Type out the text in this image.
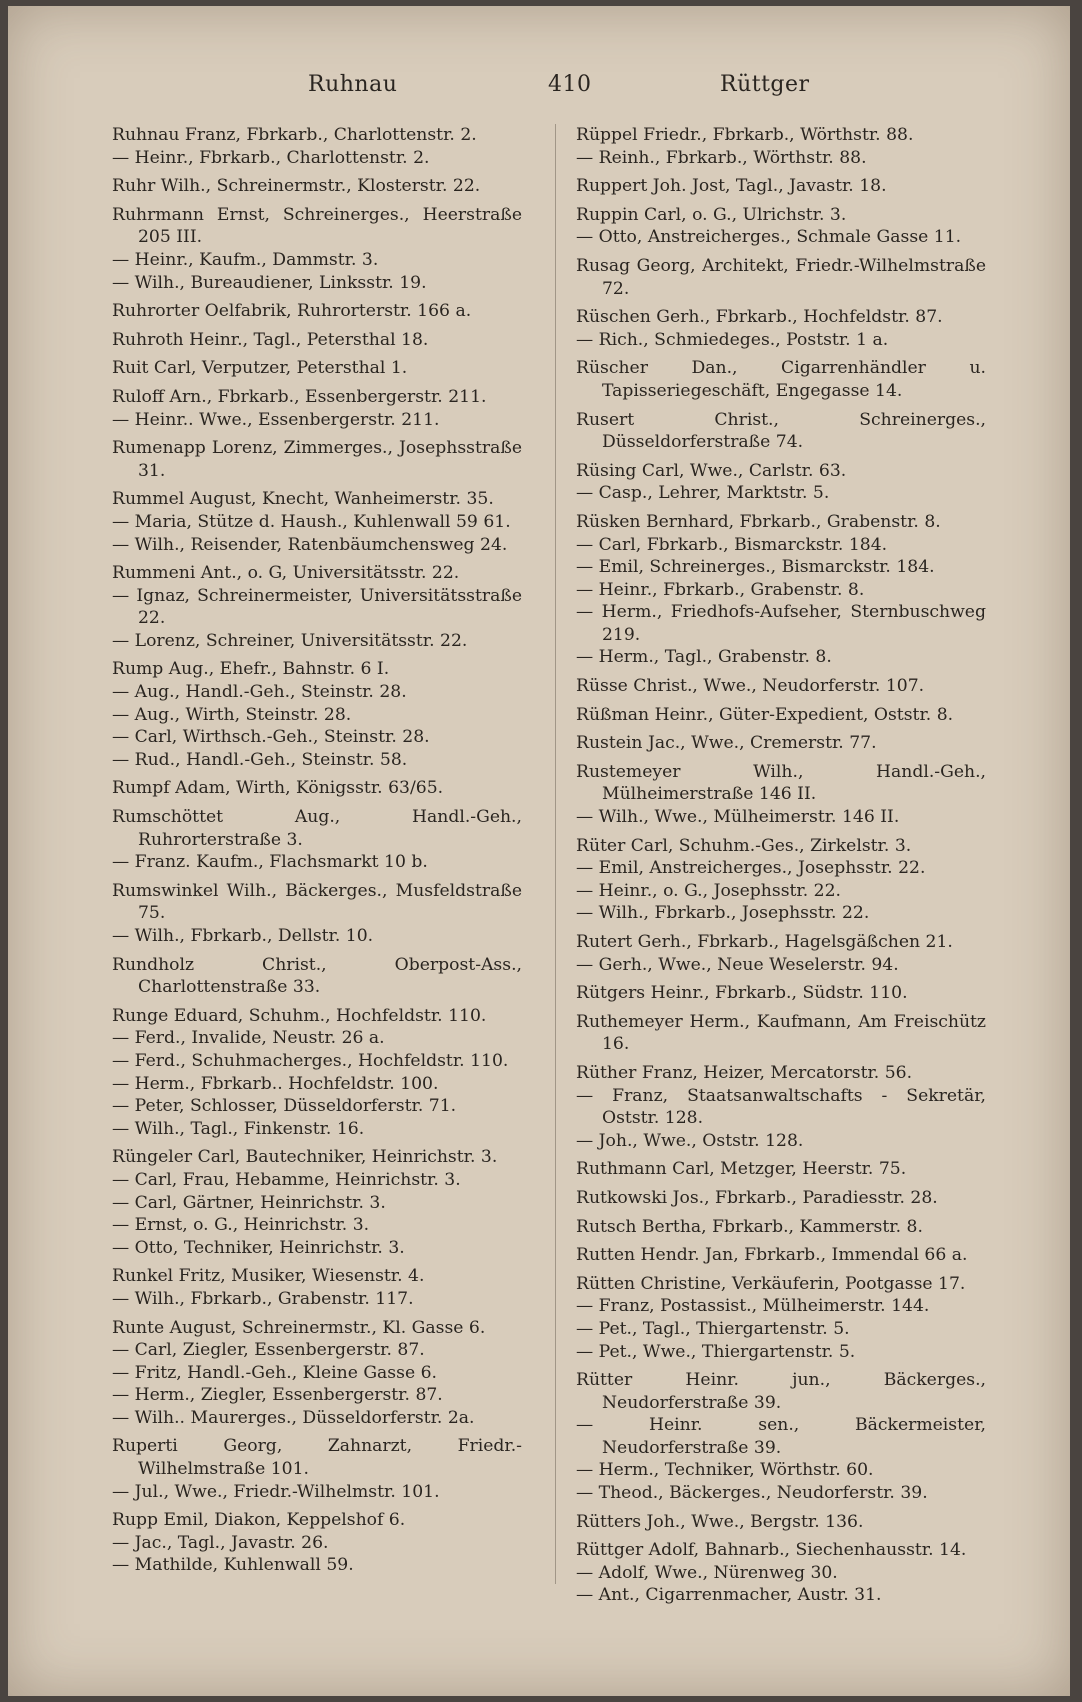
Ruhnau	410	Rüttger
Ruhnau Franz, Fbrkarb., Charlottenstr. 2.
— Heinr., Fbrkarb., Charlottenstr. 2.
Ruhr Wilh., Schreinermstr., Klosterstr. 22.
Ruhrmann Ernst, Schreinerges., Heerstraße 205 III.
— Heinr., Kaufm., Dammstr. 3.
— Wilh., Bureaudiener, Linksstr. 19.
Ruhrorter Oelfabrik, Ruhrorterstr. 166 a.
Ruhroth Heinr., Tagl., Petersthal 18.
Ruit Carl, Verputzer, Petersthal 1.
Ruloff Arn., Fbrkarb., Essenbergerstr. 211.
— Heinr.. Wwe., Essenbergerstr. 211.
Rumenapp Lorenz, Zimmerges., Josephsstraße 31.
Rummel August, Knecht, Wanheimerstr. 35.
— Maria, Stütze d. Haush., Kuhlenwall 59 61.
— Wilh., Reisender, Ratenbäumchensweg 24.
Rummeni Ant., o. G, Universitätsstr. 22.
— Ignaz, Schreinermeister, Universitätsstraße 22.
— Lorenz, Schreiner, Universitätsstr. 22.
Rump Aug., Ehefr., Bahnstr. 6 I.
— Aug., Handl.-Geh., Steinstr. 28.
— Aug., Wirth, Steinstr. 28.
— Carl, Wirthsch.-Geh., Steinstr. 28.
— Rud., Handl.-Geh., Steinstr. 58.
Rumpf Adam, Wirth, Königsstr. 63/65.
Rumschöttet Aug., Handl.-Geh., Ruhrorterstraße 3.
— Franz. Kaufm., Flachsmarkt 10 b.
Rumswinkel Wilh., Bäckerges., Musfeldstraße 75.
— Wilh., Fbrkarb., Dellstr. 10.
Rundholz Christ., Oberpost-Ass., Charlottenstraße 33.
Runge Eduard, Schuhm., Hochfeldstr. 110.
— Ferd., Invalide, Neustr. 26 a.
— Ferd., Schuhmacherges., Hochfeldstr. 110.
— Herm., Fbrkarb.. Hochfeldstr. 100.
— Peter, Schlosser, Düsseldorferstr. 71.
— Wilh., Tagl., Finkenstr. 16.
Rüngeler Carl, Bautechniker, Heinrichstr. 3.
— Carl, Frau, Hebamme, Heinrichstr. 3.
— Carl, Gärtner, Heinrichstr. 3.
— Ernst, o. G., Heinrichstr. 3.
— Otto, Techniker, Heinrichstr. 3.
Runkel Fritz, Musiker, Wiesenstr. 4.
— Wilh., Fbrkarb., Grabenstr. 117.
Runte August, Schreinermstr., Kl. Gasse 6.
— Carl, Ziegler, Essenbergerstr. 87.
— Fritz, Handl.-Geh., Kleine Gasse 6.
— Herm., Ziegler, Essenbergerstr. 87.
— Wilh.. Maurerges., Düsseldorferstr. 2a.
Ruperti Georg, Zahnarzt, Friedr.-Wilhelmstraße 101.
— Jul., Wwe., Friedr.-Wilhelmstr. 101.
Rupp Emil, Diakon, Keppelshof 6.
— Jac., Tagl., Javastr. 26.
— Mathilde, Kuhlenwall 59.
Rüppel Friedr., Fbrkarb., Wörthstr. 88.
— Reinh., Fbrkarb., Wörthstr. 88.
Ruppert Joh. Jost, Tagl., Javastr. 18.
Ruppin Carl, o. G., Ulrichstr. 3.
— Otto, Anstreicherges., Schmale Gasse 11.
Rusag Georg, Architekt, Friedr.-Wilhelmstraße 72.
Rüschen Gerh., Fbrkarb., Hochfeldstr. 87.
— Rich., Schmiedeges., Poststr. 1 a.
Rüscher Dan., Cigarrenhändler u. Tapisseriegeschäft, Engegasse 14.
Rusert Christ., Schreinerges., Düsseldorferstraße 74.
Rüsing Carl, Wwe., Carlstr. 63.
— Casp., Lehrer, Marktstr. 5.
Rüsken Bernhard, Fbrkarb., Grabenstr. 8.
— Carl, Fbrkarb., Bismarckstr. 184.
— Emil, Schreinerges., Bismarckstr. 184.
— Heinr., Fbrkarb., Grabenstr. 8.
— Herm., Friedhofs-Aufseher, Sternbuschweg 219.
— Herm., Tagl., Grabenstr. 8.
Rüsse Christ., Wwe., Neudorferstr. 107.
Rüßman Heinr., Güter-Expedient, Oststr. 8.
Rustein Jac., Wwe., Cremerstr. 77.
Rustemeyer Wilh., Handl.-Geh., Mülheimerstraße 146 II.
— Wilh., Wwe., Mülheimerstr. 146 II.
Rüter Carl, Schuhm.-Ges., Zirkelstr. 3.
— Emil, Anstreicherges., Josephsstr. 22.
— Heinr., o. G., Josephsstr. 22.
— Wilh., Fbrkarb., Josephsstr. 22.
Rutert Gerh., Fbrkarb., Hagelsgäßchen 21.
— Gerh., Wwe., Neue Weselerstr. 94.
Rütgers Heinr., Fbrkarb., Südstr. 110.
Ruthemeyer Herm., Kaufmann, Am Freischütz 16.
Rüther Franz, Heizer, Mercatorstr. 56.
— Franz, Staatsanwaltschafts - Sekretär, Oststr. 128.
— Joh., Wwe., Oststr. 128.
Ruthmann Carl, Metzger, Heerstr. 75.
Rutkowski Jos., Fbrkarb., Paradiesstr. 28.
Rutsch Bertha, Fbrkarb., Kammerstr. 8.
Rutten Hendr. Jan, Fbrkarb., Immendal 66 a.
Rütten Christine, Verkäuferin, Pootgasse 17.
— Franz, Postassist., Mülheimerstr. 144.
— Pet., Tagl., Thiergartenstr. 5.
— Pet., Wwe., Thiergartenstr. 5.
Rütter Heinr. jun., Bäckerges., Neudorferstraße 39.
— Heinr. sen., Bäckermeister, Neudorferstraße 39.
— Herm., Techniker, Wörthstr. 60.
— Theod., Bäckerges., Neudorferstr. 39.
Rütters Joh., Wwe., Bergstr. 136.
Rüttger Adolf, Bahnarb., Siechenhausstr. 14.
— Adolf, Wwe., Nürenweg 30.
— Ant., Cigarrenmacher, Austr. 31.
